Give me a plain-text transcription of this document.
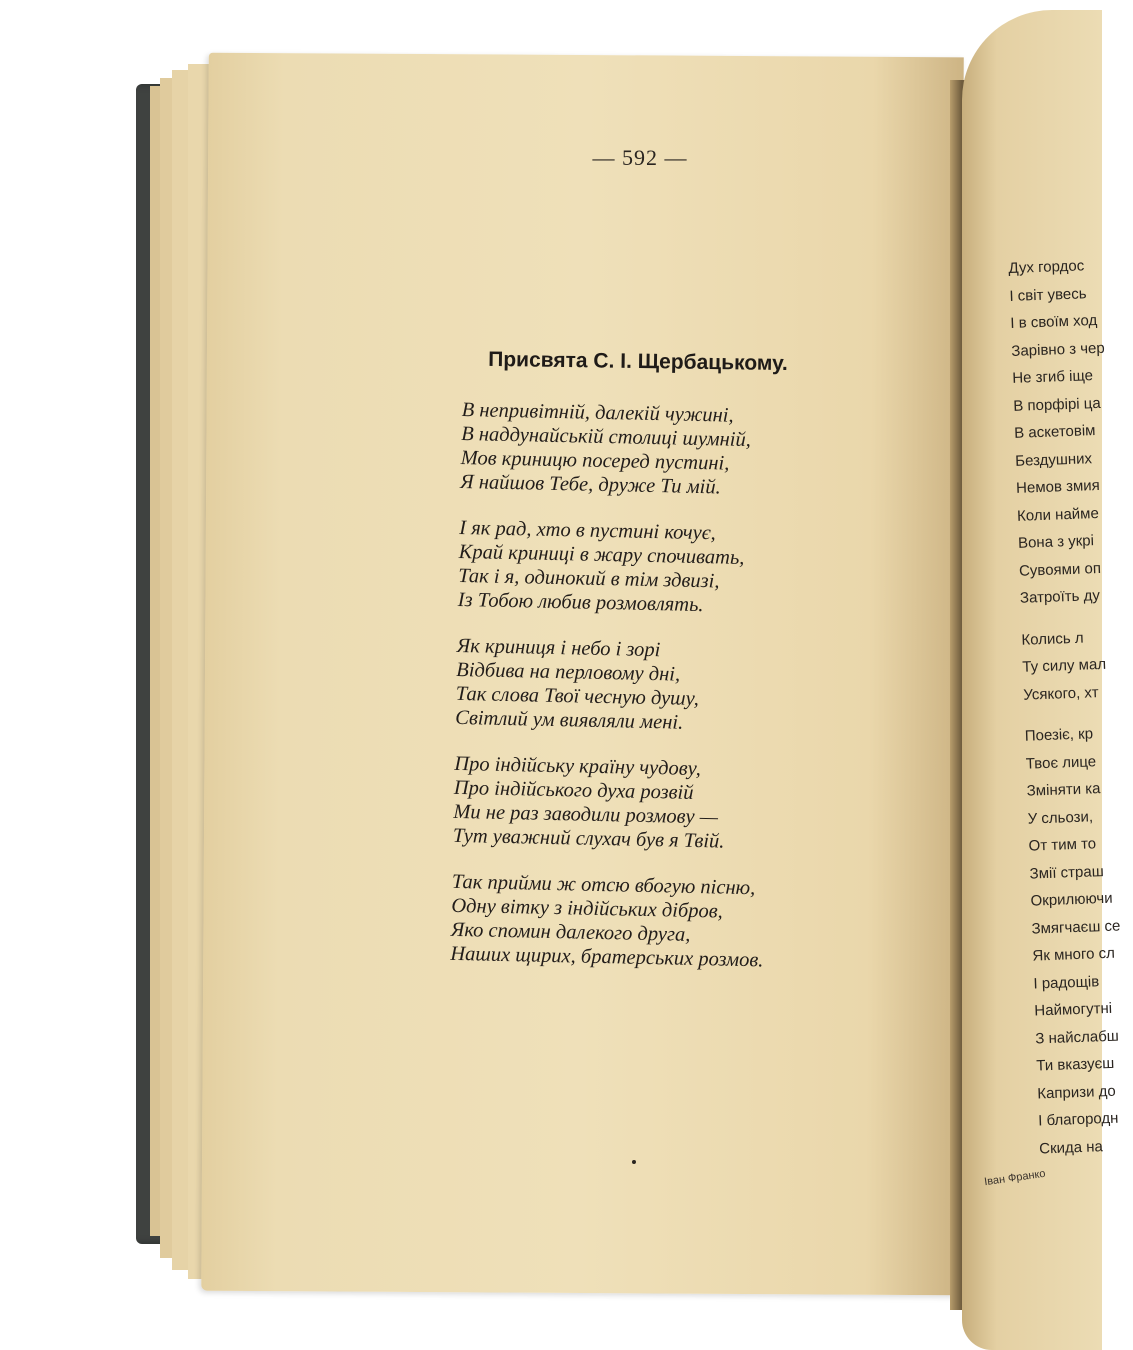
— 592 —
Присвята С. І. Щербацькому.
В непривітній, далекій чужині,
В наддунайській столиці шумній,
Мов криницю посеред пустині,
Я найшов Тебе, друже Ти мій.
І як рад, хто в пустині кочує,
Край криниці в жару спочивать,
Так і я, одинокий в тім здвизі,
Із Тобою любив розмовлять.
Як криниця і небо і зорі
Відбива на перловому дні,
Так слова Твої чесную душу,
Світлий ум виявляли мені.
Про індійську країну чудову,
Про індійського духа розвій
Ми не раз заводили розмову —
Тут уважний слухач був я Твій.
Так прийми ж отсю вбогую пісню,
Одну вітку з індійських дібров,
Яко спомин далекого друга,
Наших щирих, братерських розмов.
Дух гордос
І світ увесь
І в своїм ход
Зарівно з чер
Не згиб іще
В порфірі ца
В аскетовім
Бездушних
Немов змия
Коли найме
Вона з укрі
Сувоями оп
Затроїть ду
Колись л
Ту силу мал
Усякого, хт
Поезіє, кр
Твоє лице
Зміняти ка
У сльози,
От тим то
Змії страш
Окрилюючи
Змягчаєш се
Як много сл
І радощів
Наймогутні
З найслабш
Ти вказуєш
Капризи до
І благородн
Скида на
Іван Франко
